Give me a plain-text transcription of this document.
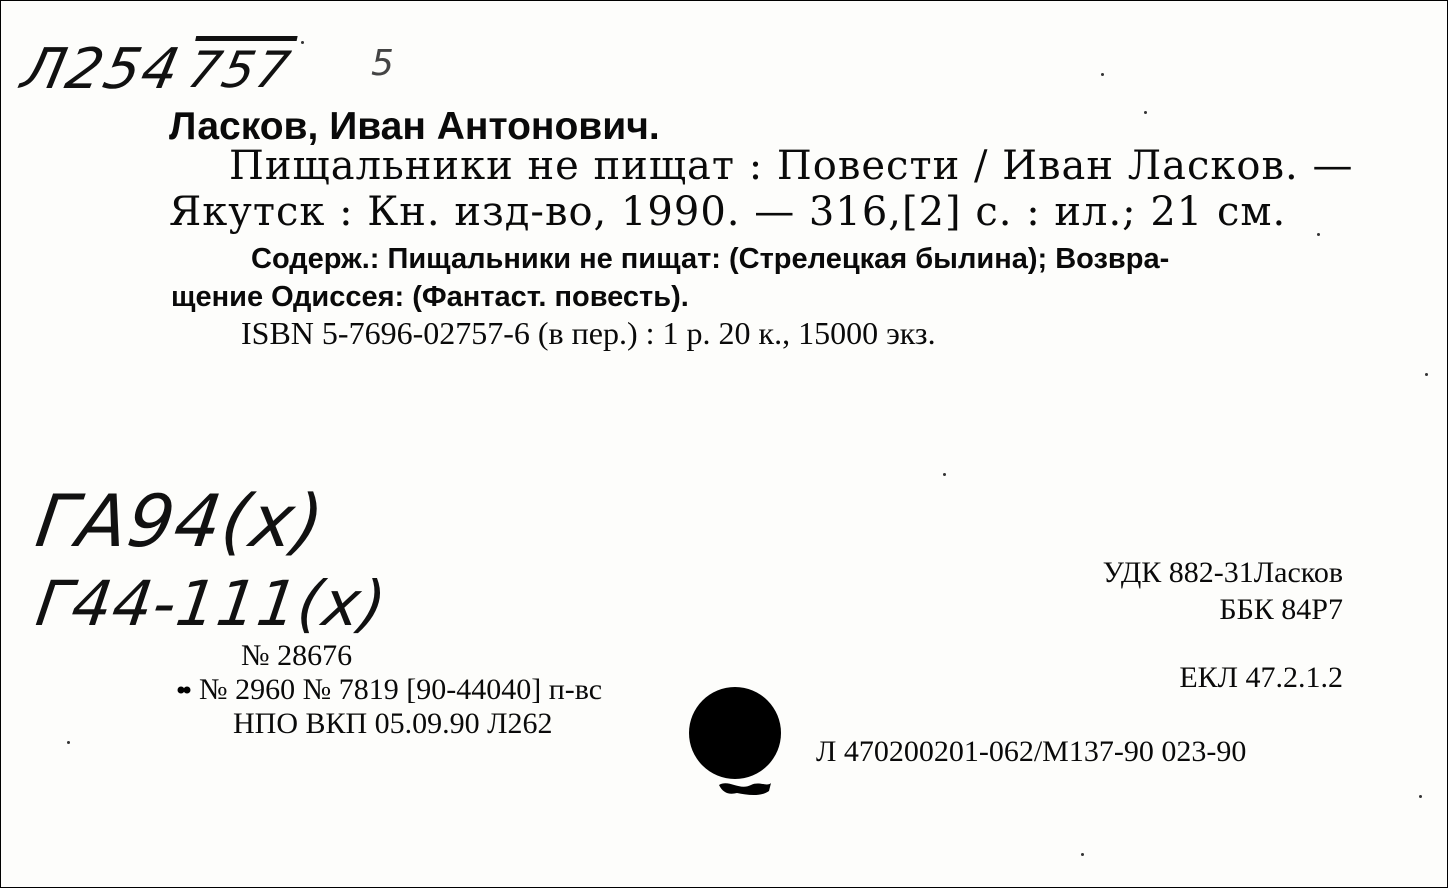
Л254
757 5
ГА94(х)
Г44-111(х)

Ласков, Иван Антонович.

Пищальники не пищат : Повести / Иван Ласков. —

Якутск : Кн. изд-во, 1990. — 316,[2] с. : ил.; 21 см.

Содерж.: Пищальники не пищат: (Стрелецкая былина); Возвра-

щение Одиссея: (Фантаст. повесть).

ISBN 5-7696-02757-6 (в пер.) : 1 р. 20 к., 15000 экз.

УДК 882-31Ласков

ББК 84Р7

ЕКЛ 47.2.1.2

Л 470200201-062/М137-90 023-90

№ 28676

№ 2960 № 7819 [90-44040] п-вс

НПО ВКП 05.09.90 Л262
